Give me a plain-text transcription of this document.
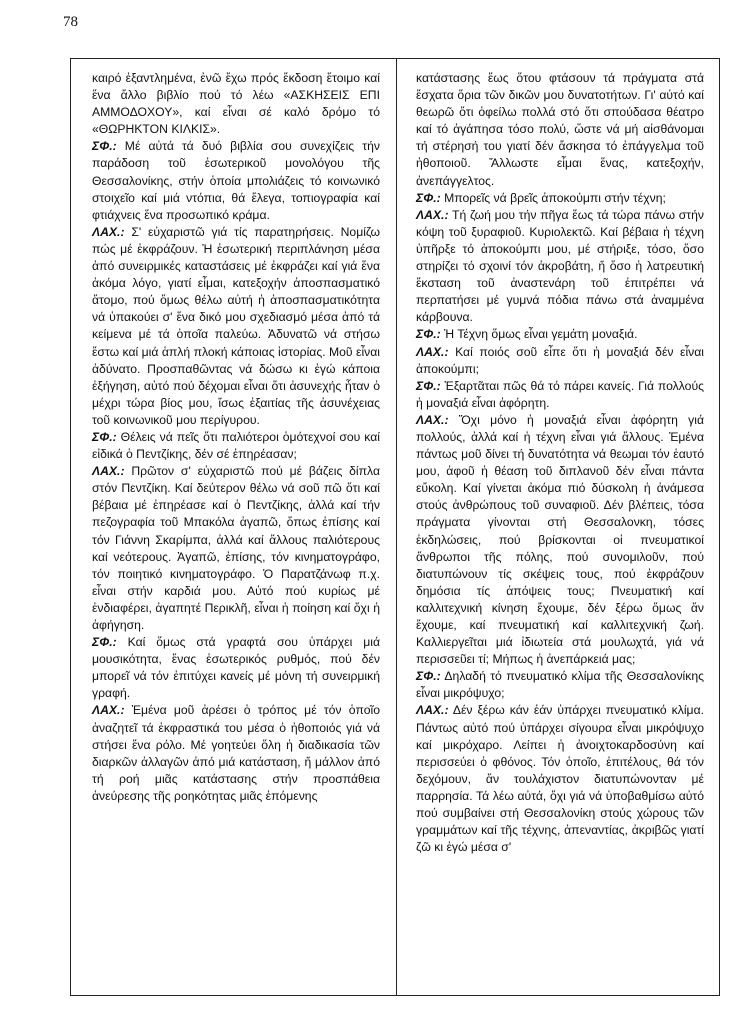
78

καιρό ἐξαντλημένα, ἐνῶ ἔχω πρός ἔκδοση ἕτοιμο καί ἕνα ἄλλο βιβλίο πού τό λέω «ΑΣΚΗΣΕΙΣ ΕΠΙ ΑΜΜΟΔΟΧΟΥ», καί εἶναι σέ καλό δρόμο τό «ΘΩΡΗΚΤΟΝ ΚΙΛΚΙΣ».

ΣΦ.: Μέ αὐτά τά δυό βιβλία σου συνεχίζεις τήν παράδοση τοῦ ἐσωτερικοῦ μονολόγου τῆς Θεσσαλονίκης, στήν ὁποία μπολιάζεις τό κοινωνικό στοιχεῖο καί μιά ντόπια, θά ἔλεγα, τοπιογραφία καί φτιάχνεις ἕνα προσωπικό κράμα.

ΛΑΧ.: Σ' εὐχαριστῶ γιά τίς παρατηρήσεις. Νομίζω πώς μέ ἐκφράζουν. Ἡ ἐσωτερική περιπλάνηση μέσα ἀπό συνειρμικές καταστάσεις μέ ἐκφράζει καί γιά ἕνα ἀκόμα λόγο, γιατί εἶμαι, κατεξοχήν ἀποσπασματικό ἄτομο, πού ὅμως θέλω αὐτή ἡ ἀποσπασματικότητα νά ὑπακούει σ' ἕνα δικό μου σχεδιασμό μέσα ἀπό τά κείμενα μέ τά ὁποῖα παλεύω. Ἀδυνατῶ νά στήσω ἔστω καί μιά ἁπλή πλοκή κάποιας ἱστορίας. Μοῦ εἶναι ἀδύνατο. Προσπαθῶντας νά δώσω κι ἐγώ κάποια ἐξήγηση, αὐτό πού δέχομαι εἶναι ὅτι ἀσυνεχής ἦταν ὁ μέχρι τώρα βίος μου, ἴσως ἐξαιτίας τῆς ἀσυνέχειας τοῦ κοινωνικοῦ μου περίγυρου.

ΣΦ.: Θέλεις νά πεῖς ὅτι παλιότεροι ὁμότεχνοί σου καί εἰδικά ὁ Πεντζίκης, δέν σέ ἐπηρέασαν;

ΛΑΧ.: Πρῶτον σ' εὐχαριστῶ πού μέ βάζεις δίπλα στόν Πεντζίκη. Καί δεύτερον θέλω νά σοῦ πῶ ὅτι καί βέβαια μέ ἐπηρέασε καί ὁ Πεντζίκης, ἀλλά καί τήν πεζογραφία τοῦ Μπακόλα ἀγαπῶ, ὅπως ἐπίσης καί τόν Γιάννη Σκαρίμπα, ἀλλά καί ἄλλους παλιότερους καί νεότερους. Ἀγαπῶ, ἐπίσης, τόν κινηματογράφο, τόν ποιητικό κινηματογράφο. Ὁ Παρατζάνωφ π.χ. εἶναι στήν καρδιά μου. Αὐτό πού κυρίως μέ ἐνδιαφέρει, ἀγαπητέ Περικλῆ, εἶναι ἡ ποίηση καί ὄχι ἡ ἀφήγηση.

ΣΦ.: Καί ὅμως στά γραφτά σου ὑπάρχει μιά μουσικότητα, ἕνας ἐσωτερικός ρυθμός, πού δέν μπορεῖ νά τόν ἐπιτύχει κανείς μέ μόνη τή συνειρμική γραφή.

ΛΑΧ.: Ἐμένα μοῦ ἀρέσει ὁ τρόπος μέ τόν ὁποῖο ἀναζητεῖ τά ἐκφραστικά του μέσα ὁ ἠθοποιός γιά νά στήσει ἕνα ρόλο. Μέ γοητεύει ὅλη ἡ διαδικασία τῶν διαρκῶν ἀλλαγῶν ἀπό μιά κατάσταση, ἤ μάλλον ἀπό τή ροή μιᾶς κατάστασης στήν προσπάθεια ἀνεύρεσης τῆς ροηκότητας μιᾶς ἑπόμενης

κατάστασης ἕως ὅτου φτάσουν τά πράγματα στά ἔσχατα ὅρια τῶν δικῶν μου δυνατοτήτων. Γι' αὐτό καί θεωρῶ ὅτι ὀφείλω πολλά στό ὅτι σπούδασα θέατρο καί τό ἀγάπησα τόσο πολύ, ὥστε νά μή αἰσθάνομαι τή στέρησή του γιατί δέν ἄσκησα τό ἐπάγγελμα τοῦ ἠθοποιοῦ. Ἄλλωστε εἶμαι ἕνας, κατεξοχήν, ἀνεπάγγελτος.

ΣΦ.: Μπορεῖς νά βρεῖς ἀποκούμπι στήν τέχνη;

ΛΑΧ.: Τή ζωή μου τήν πῆγα ἕως τά τώρα πάνω στήν κόψη τοῦ ξυραφιοῦ. Κυριολεκτῶ. Καί βέβαια ἡ τέχνη ὑπῆρξε τό ἀποκούμπι μου, μέ στήριξε, τόσο, ὅσο στηρίζει τό σχοινί τόν ἀκροβάτη, ἤ ὅσο ἡ λατρευτική ἔκσταση τοῦ ἀναστενάρη τοῦ ἐπιτρέπει νά περπατήσει μέ γυμνά πόδια πάνω στά ἀναμμένα κάρβουνα.

ΣΦ.: Ἡ Τέχνη ὅμως εἶναι γεμάτη μοναξιά.

ΛΑΧ.: Καί ποιός σοῦ εἶπε ὅτι ἡ μοναξιά δέν εἶναι ἀποκούμπι;

ΣΦ.: Ἐξαρτᾶται πῶς θά τό πάρει κανείς. Γιά πολλούς ἡ μοναξιά εἶναι ἀφόρητη.

ΛΑΧ.: Ὄχι μόνο ἡ μοναξιά εἶναι ἀφόρητη γιά πολλούς, ἀλλά καί ἡ τέχνη εἶναι γιά ἄλλους. Ἐμένα πάντως μοῦ δίνει τή δυνατότητα νά θεωμαι τόν ἑαυτό μου, ἀφοῦ ἡ θέαση τοῦ διπλανοῦ δέν εἶναι πάντα εὔκολη. Καί γίνεται ἀκόμα πιό δύσκολη ἡ ἀνάμεσα στούς ἀνθρώπους τοῦ συναφιοῦ. Δέν βλέπεις, τόσα πράγματα γίνονται στή Θεσσαλονκη, τόσες ἐκδηλώσεις, πού βρίσκονται οἱ πνευματικοί ἄνθρωποι τῆς πόλης, πού συνομιλοῦν, πού διατυπώνουν τίς σκέψεις τους, πού ἐκφράζουν δημόσια τίς ἀπόψεις τους; Πνευματική καί καλλιτεχνική κίνηση ἔχουμε, δέν ξέρω ὅμως ἄν ἔχουμε, καί πνευματική καί καλλιτεχνική ζωή. Καλλιεργεῖται μιά ἰδιωτεία στά μουλωχτά, γιά νά περισσεῦει τί; Μήπως ἡ ἀνεπάρκειά μας;

ΣΦ.: Δηλαδή τό πνευματικό κλίμα τῆς Θεσσαλονίκης εἶναι μικρόψυχο;

ΛΑΧ.: Δέν ξέρω κάν ἐάν ὑπάρχει πνευματικό κλίμα. Πάντως αὐτό πού ὑπάρχει σίγουρα εἶναι μικρόψυχο καί μικρόχαρο. Λείπει ἡ ἀνοιχτοκαρδοσύνη καί περισσεύει ὁ φθόνος. Τόν ὁποῖο, ἐπιτέλους, θά τόν δεχόμουν, ἄν τουλάχιστον διατυπώνονταν μέ παρρησία. Τά λέω αὐτά, ὄχι γιά νά ὑποβαθμίσω αὐτό πού συμβαίνει στή Θεσσαλονίκη στούς χώρους τῶν γραμμάτων καί τῆς τέχνης, ἀπεναντίας, ἀκριβῶς γιατί ζῶ κι ἐγώ μέσα σ'
